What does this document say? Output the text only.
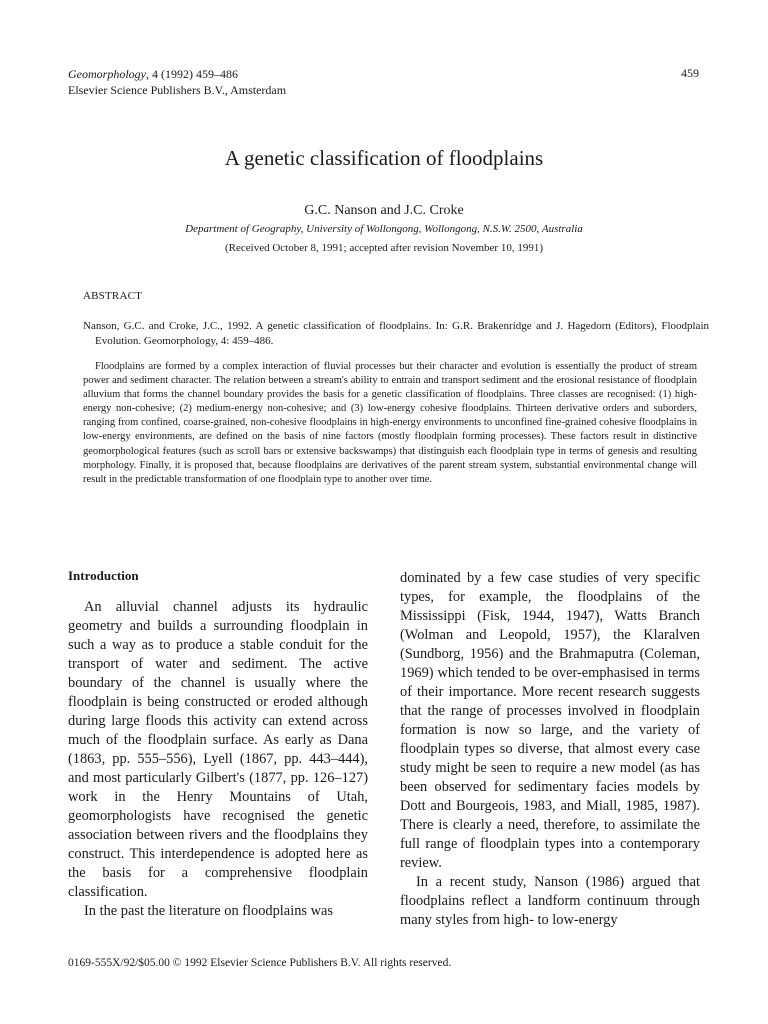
Geomorphology, 4 (1992) 459–486
Elsevier Science Publishers B.V., Amsterdam
459
A genetic classification of floodplains
G.C. Nanson and J.C. Croke
Department of Geography, University of Wollongong, Wollongong, N.S.W. 2500, Australia
(Received October 8, 1991; accepted after revision November 10, 1991)
ABSTRACT
Nanson, G.C. and Croke, J.C., 1992. A genetic classification of floodplains. In: G.R. Brakenridge and J. Hagedorn (Editors), Floodplain Evolution. Geomorphology, 4: 459–486.

Floodplains are formed by a complex interaction of fluvial processes but their character and evolution is essentially the product of stream power and sediment character. The relation between a stream's ability to entrain and transport sediment and the erosional resistance of floodplain alluvium that forms the channel boundary provides the basis for a genetic classification of floodplains. Three classes are recognised: (1) high-energy non-cohesive; (2) medium-energy non-cohesive; and (3) low-energy cohesive floodplains. Thirteen derivative orders and suborders, ranging from confined, coarse-grained, non-cohesive floodplains in high-energy environments to unconfined fine-grained cohesive floodplains in low-energy environments, are defined on the basis of nine factors (mostly floodplain forming processes). These factors result in distinctive geomorphological features (such as scroll bars or extensive backswamps) that distinguish each floodplain type in terms of genesis and resulting morphology. Finally, it is proposed that, because floodplains are derivatives of the parent stream system, substantial environmental change will result in the predictable transformation of one floodplain type to another over time.

Introduction

An alluvial channel adjusts its hydraulic geometry and builds a surrounding floodplain in such a way as to produce a stable conduit for the transport of water and sediment. The active boundary of the channel is usually where the floodplain is being constructed or eroded although during large floods this activity can extend across much of the floodplain surface. As early as Dana (1863, pp. 555–556), Lyell (1867, pp. 443–444), and most particularly Gilbert's (1877, pp. 126–127) work in the Henry Mountains of Utah, geomorphologists have recognised the genetic association between rivers and the floodplains they construct. This interdependence is adopted here as the basis for a comprehensive floodplain classification.

In the past the literature on floodplains was

dominated by a few case studies of very specific types, for example, the floodplains of the Mississippi (Fisk, 1944, 1947), Watts Branch (Wolman and Leopold, 1957), the Klaralven (Sundborg, 1956) and the Brahmaputra (Coleman, 1969) which tended to be over-emphasised in terms of their importance. More recent research suggests that the range of processes involved in floodplain formation is now so large, and the variety of floodplain types so diverse, that almost every case study might be seen to require a new model (as has been observed for sedimentary facies models by Dott and Bourgeois, 1983, and Miall, 1985, 1987). There is clearly a need, therefore, to assimilate the full range of floodplain types into a contemporary review.

In a recent study, Nanson (1986) argued that floodplains reflect a landform continuum through many styles from high- to low-energy

0169-555X/92/$05.00 © 1992 Elsevier Science Publishers B.V. All rights reserved.
